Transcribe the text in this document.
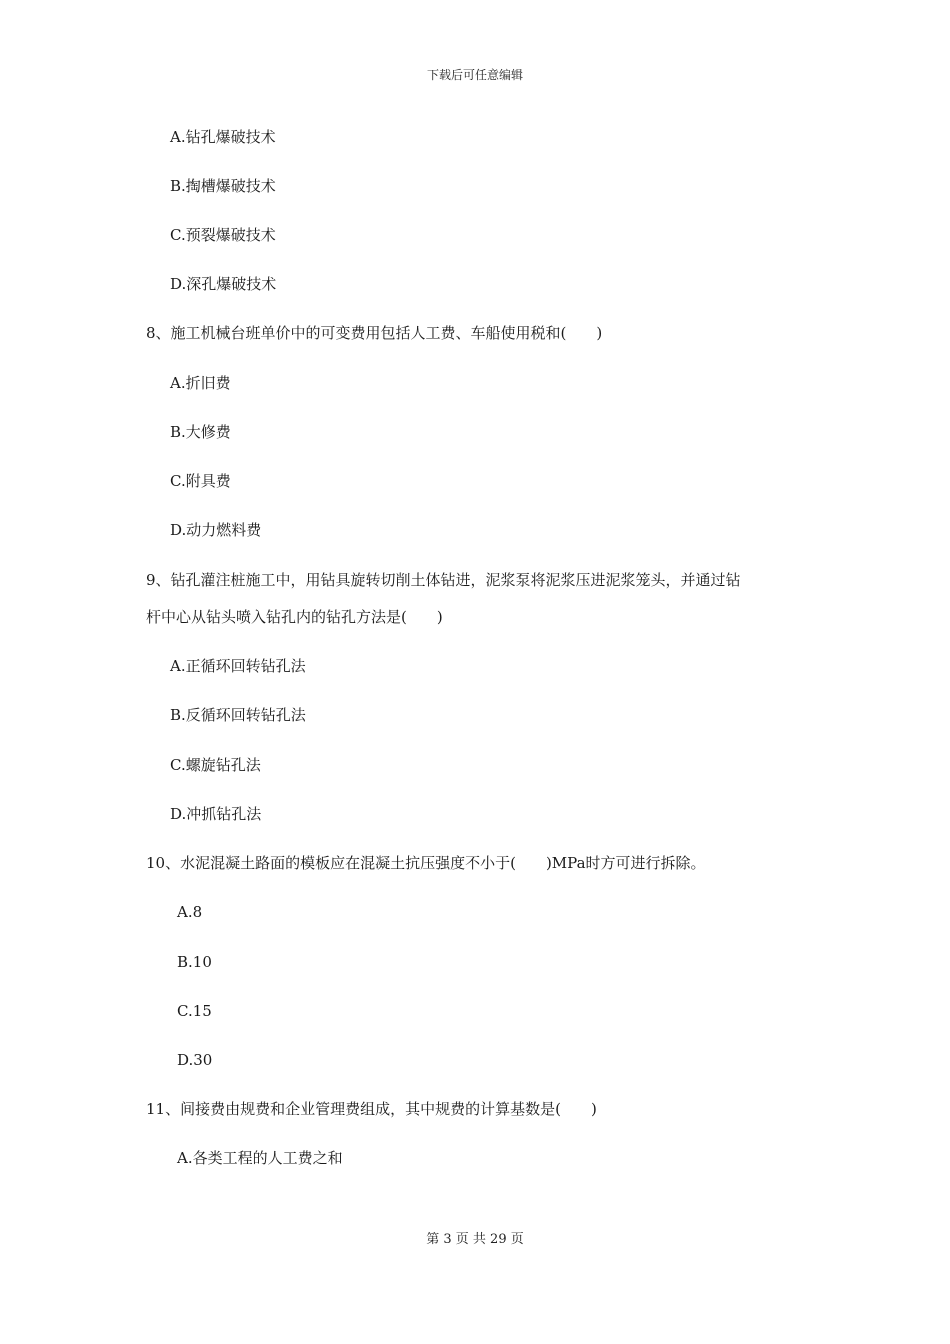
下载后可任意编辑
A.钻孔爆破技术
B.掏槽爆破技术
C.预裂爆破技术
D.深孔爆破技术
8、施工机械台班单价中的可变费用包括人工费、车船使用税和(　　)
A.折旧费
B.大修费
C.附具费
D.动力燃料费
9、钻孔灌注桩施工中，用钻具旋转切削土体钻进，泥浆泵将泥浆压进泥浆笼头，并通过钻
杆中心从钻头喷入钻孔内的钻孔方法是(　　)
A.正循环回转钻孔法
B.反循环回转钻孔法
C.螺旋钻孔法
D.冲抓钻孔法
10、水泥混凝土路面的模板应在混凝土抗压强度不小于(　　)MPa时方可进行拆除。
A.8
B.10
C.15
D.30
11、间接费由规费和企业管理费组成，其中规费的计算基数是(　　)
A.各类工程的人工费之和
第 3 页 共 29 页
